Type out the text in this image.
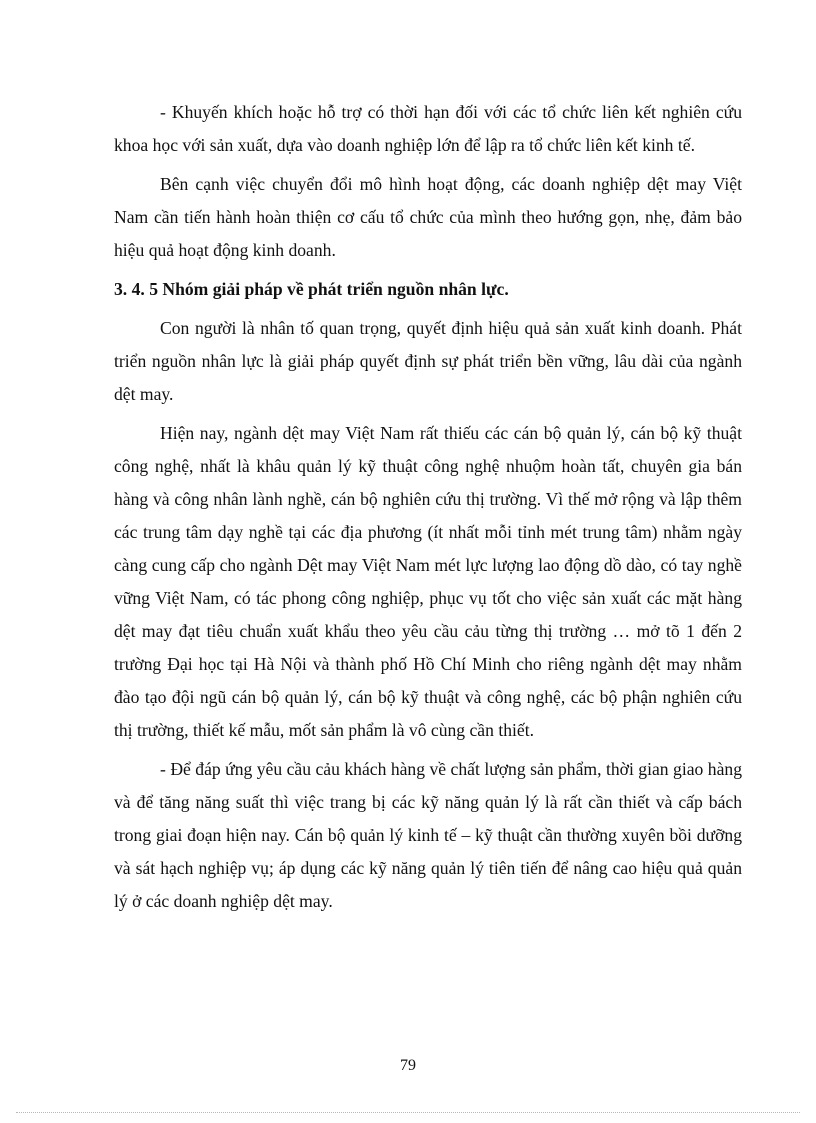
- Khuyến khích hoặc hỗ trợ có thời hạn đối với các tổ chức liên kết nghiên cứu khoa học với sản xuất, dựa vào doanh nghiệp lớn để lập ra tổ chức liên kết kinh tế.

Bên cạnh việc chuyển đổi mô hình hoạt động, các doanh nghiệp dệt may Việt Nam cần tiến hành hoàn thiện cơ cấu tổ chức của mình theo hướng gọn, nhẹ, đảm bảo hiệu quả hoạt động kinh doanh.

3. 4. 5 Nhóm giải pháp về phát triển nguồn nhân lực.

Con người là nhân tố quan trọng, quyết định hiệu quả sản xuất kinh doanh. Phát triển nguồn nhân lực là giải pháp quyết định sự phát triển bền vững, lâu dài của ngành dệt may.

Hiện nay, ngành dệt may Việt Nam rất thiếu các cán bộ quản lý, cán bộ kỹ thuật công nghệ, nhất là khâu quản lý kỹ thuật công nghệ nhuộm hoàn tất, chuyên gia bán hàng và công nhân lành nghề, cán bộ nghiên cứu thị trường. Vì thế mở rộng và lập thêm các trung tâm dạy nghề tại các địa phương (ít nhất mỗi tỉnh mét trung tâm) nhằm ngày càng cung cấp cho ngành Dệt may Việt Nam mét lực lượng lao động dồ dào, có tay nghề vững Việt Nam, có tác phong công nghiệp, phục vụ tốt cho việc sản xuất các mặt hàng dệt may đạt tiêu chuẩn xuất khẩu theo yêu cầu cảu từng thị trường … mở tõ 1 đến 2 trường Đại học tại Hà Nội và thành phố Hồ Chí Minh cho riêng ngành dệt may nhằm đào tạo đội ngũ cán bộ quản lý, cán bộ kỹ thuật và công nghệ, các bộ phận nghiên cứu thị trường, thiết kế mẫu, mốt sản phẩm là vô cùng cần thiết.

- Để đáp ứng yêu cầu cảu khách hàng về chất lượng sản phẩm, thời gian giao hàng và để tăng năng suất thì việc trang bị các kỹ năng quản lý là rất cần thiết và cấp bách trong giai đoạn hiện nay. Cán bộ quản lý kinh tế – kỹ thuật cần thường xuyên bồi dưỡng và sát hạch nghiệp vụ; áp dụng các kỹ năng quản lý tiên tiến để nâng cao hiệu quả quản lý ở các doanh nghiệp dệt may.

79
